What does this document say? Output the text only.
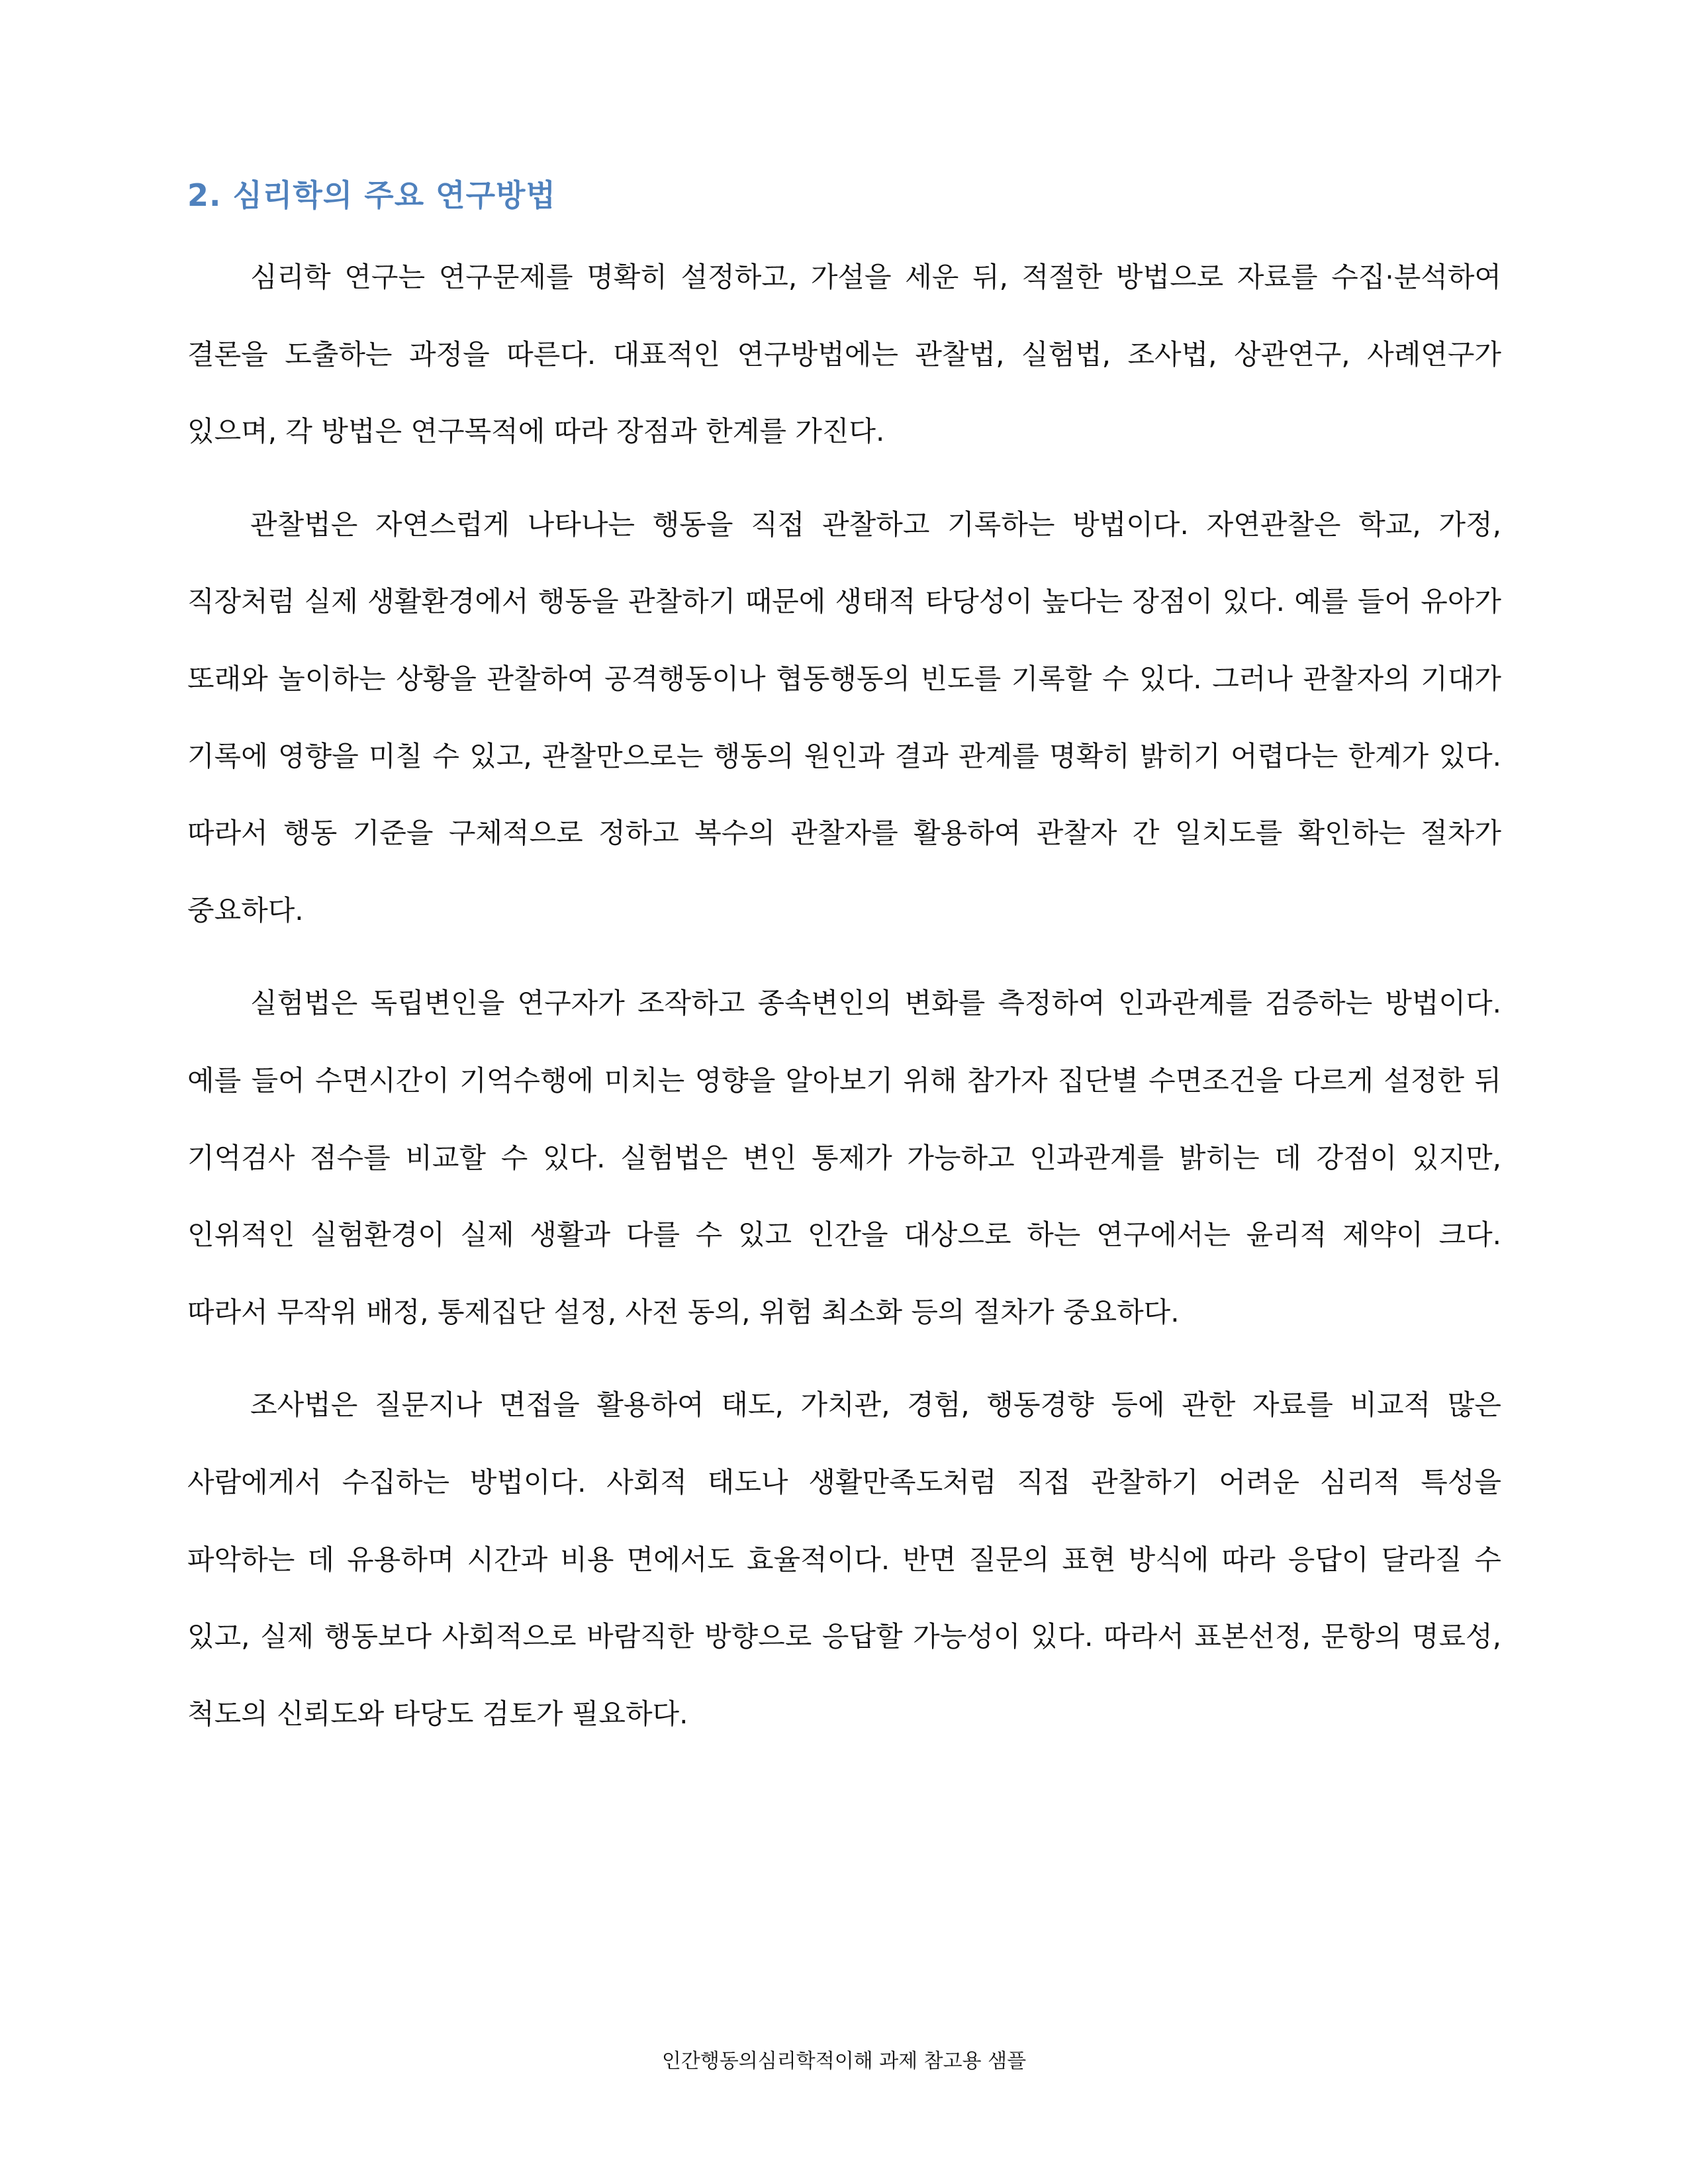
2. 심리학의 주요 연구방법

심리학 연구는 연구문제를 명확히 설정하고, 가설을 세운 뒤, 적절한 방법으로 자료를 수집·분석하여 결론을 도출하는 과정을 따른다. 대표적인 연구방법에는 관찰법, 실험법, 조사법, 상관연구, 사례연구가 있으며, 각 방법은 연구목적에 따라 장점과 한계를 가진다.

관찰법은 자연스럽게 나타나는 행동을 직접 관찰하고 기록하는 방법이다. 자연관찰은 학교, 가정, 직장처럼 실제 생활환경에서 행동을 관찰하기 때문에 생태적 타당성이 높다는 장점이 있다. 예를 들어 유아가 또래와 놀이하는 상황을 관찰하여 공격행동이나 협동행동의 빈도를 기록할 수 있다. 그러나 관찰자의 기대가 기록에 영향을 미칠 수 있고, 관찰만으로는 행동의 원인과 결과 관계를 명확히 밝히기 어렵다는 한계가 있다. 따라서 행동 기준을 구체적으로 정하고 복수의 관찰자를 활용하여 관찰자 간 일치도를 확인하는 절차가 중요하다.

실험법은 독립변인을 연구자가 조작하고 종속변인의 변화를 측정하여 인과관계를 검증하는 방법이다. 예를 들어 수면시간이 기억수행에 미치는 영향을 알아보기 위해 참가자 집단별 수면조건을 다르게 설정한 뒤 기억검사 점수를 비교할 수 있다. 실험법은 변인 통제가 가능하고 인과관계를 밝히는 데 강점이 있지만, 인위적인 실험환경이 실제 생활과 다를 수 있고 인간을 대상으로 하는 연구에서는 윤리적 제약이 크다. 따라서 무작위 배정, 통제집단 설정, 사전 동의, 위험 최소화 등의 절차가 중요하다.

조사법은 질문지나 면접을 활용하여 태도, 가치관, 경험, 행동경향 등에 관한 자료를 비교적 많은 사람에게서 수집하는 방법이다. 사회적 태도나 생활만족도처럼 직접 관찰하기 어려운 심리적 특성을 파악하는 데 유용하며 시간과 비용 면에서도 효율적이다. 반면 질문의 표현 방식에 따라 응답이 달라질 수 있고, 실제 행동보다 사회적으로 바람직한 방향으로 응답할 가능성이 있다. 따라서 표본선정, 문항의 명료성, 척도의 신뢰도와 타당도 검토가 필요하다.

인간행동의심리학적이해 과제 참고용 샘플
